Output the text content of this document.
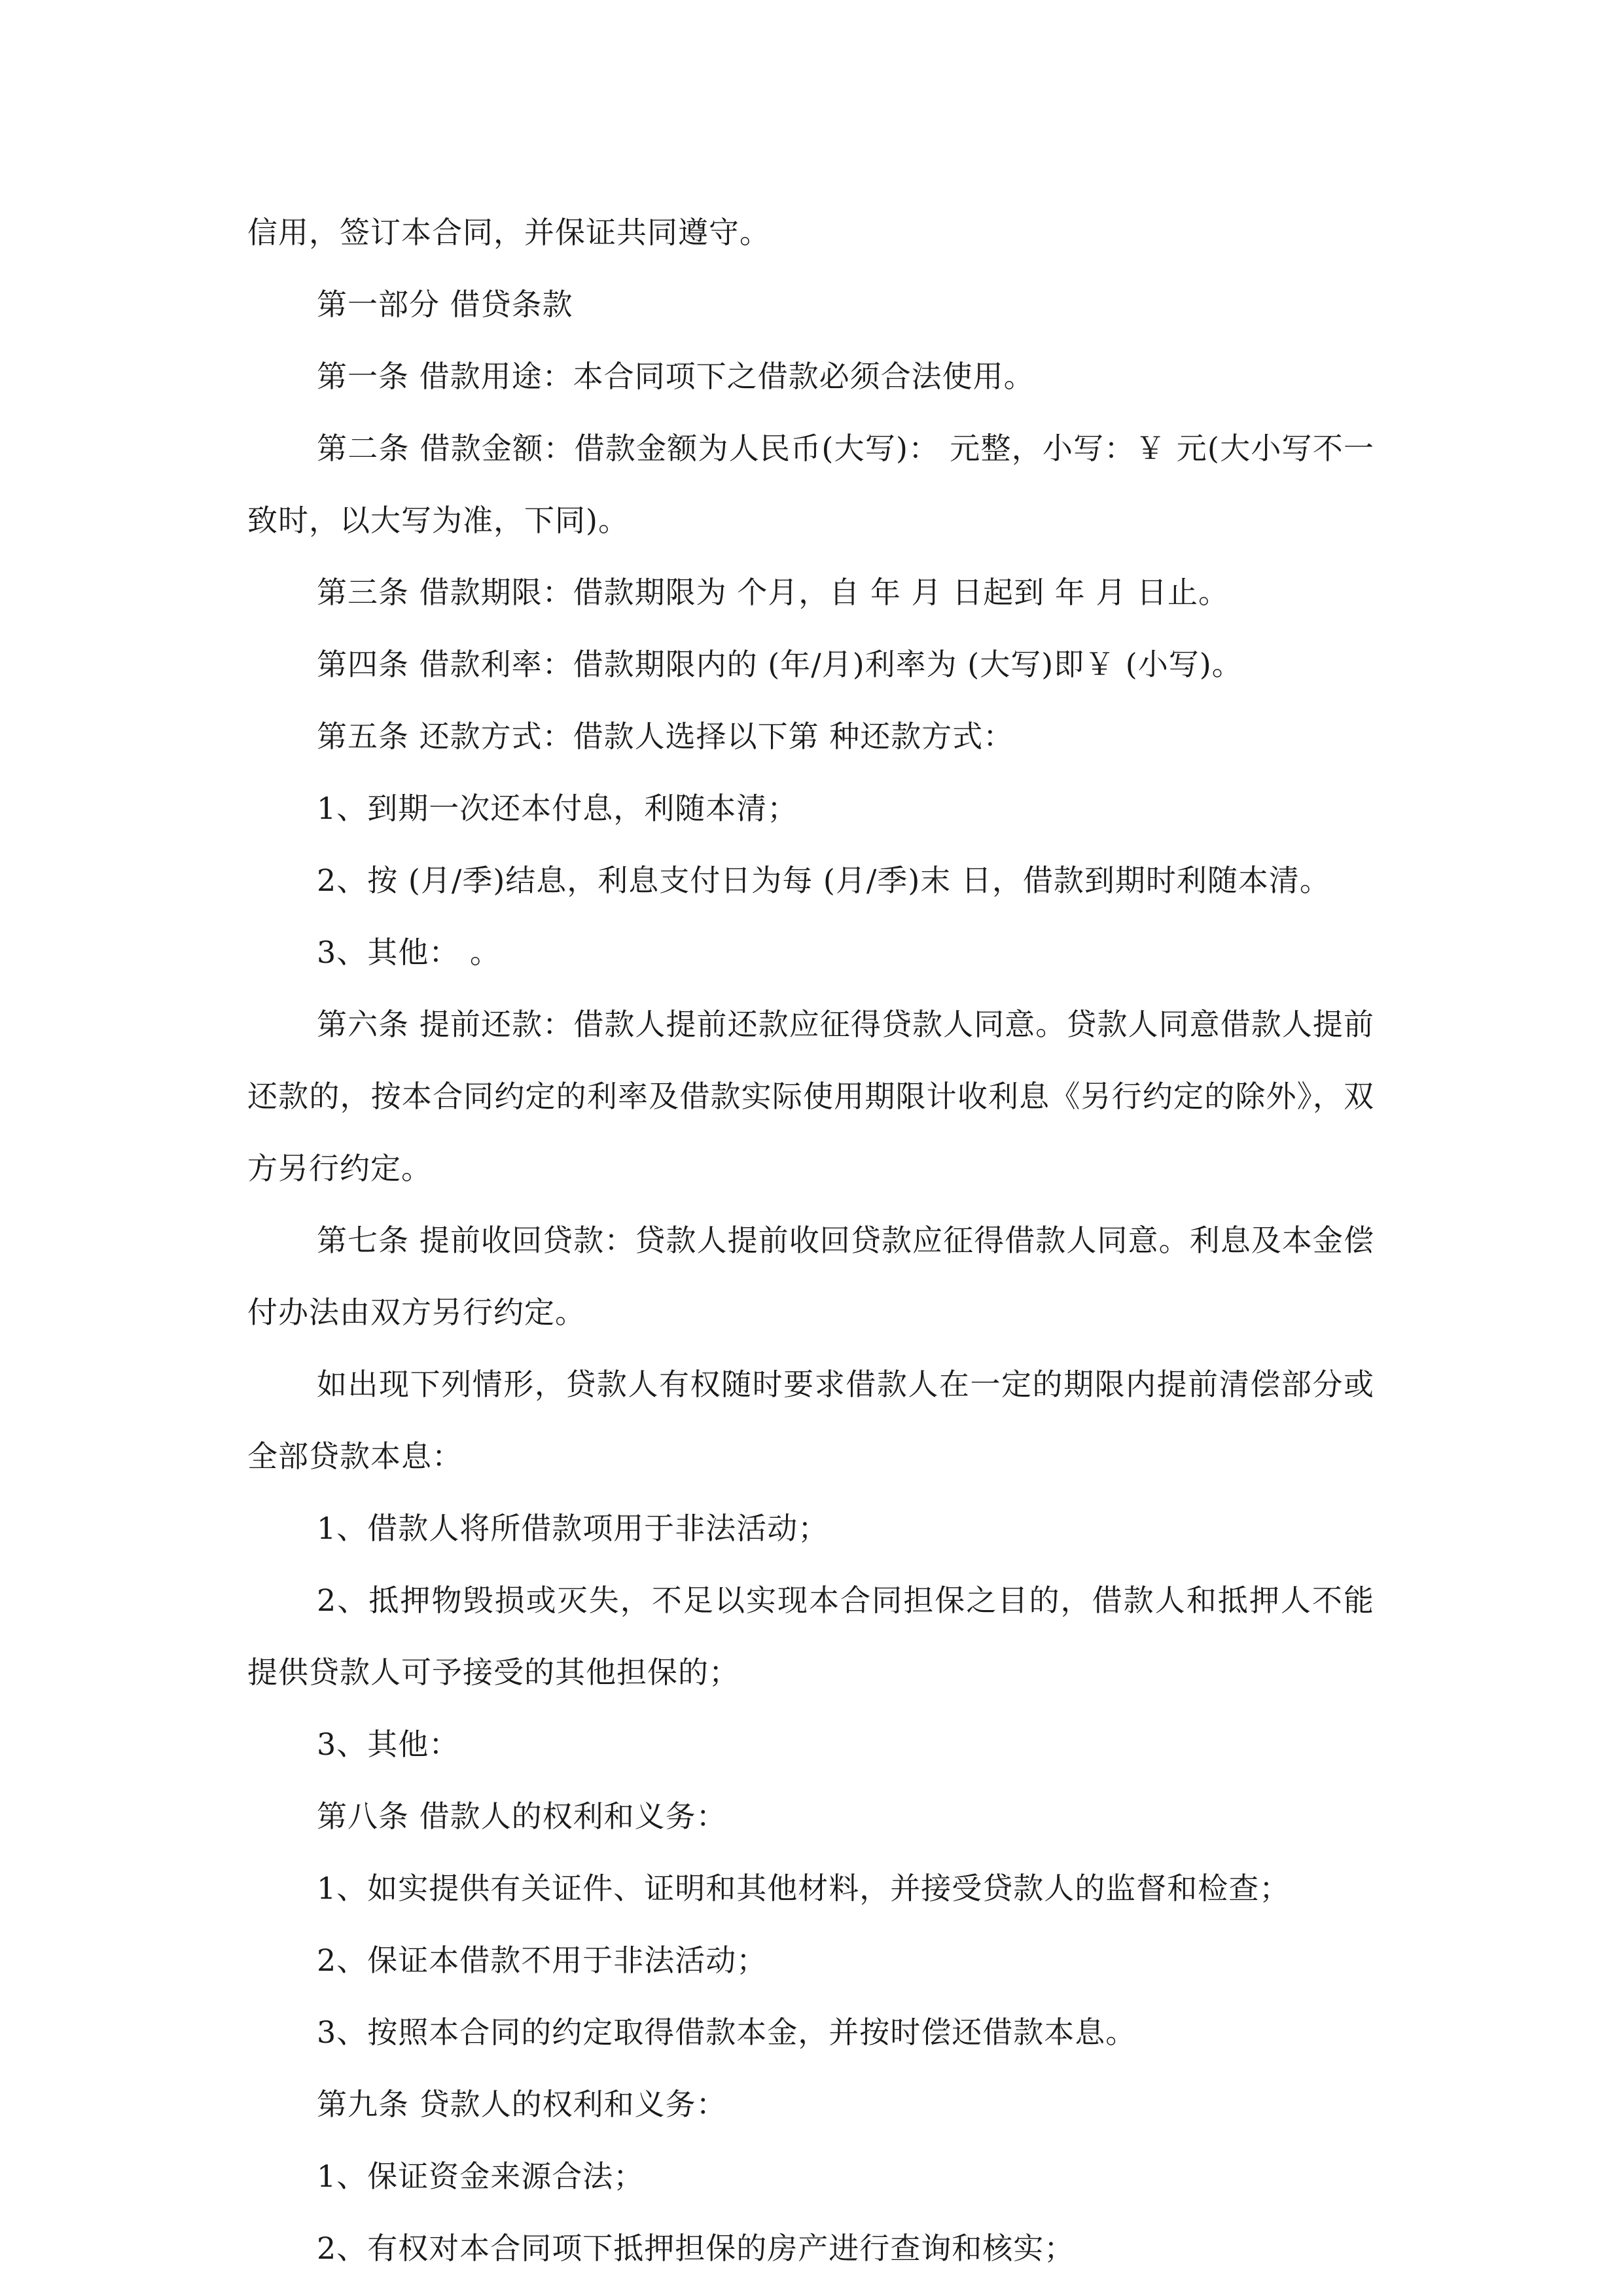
信用，签订本合同，并保证共同遵守。

第一部分 借贷条款

第一条 借款用途：本合同项下之借款必须合法使用。

第二条 借款金额：借款金额为人民币(大写)： 元整，小写：￥ 元(大小写不一致时，以大写为准，下同)。

第三条 借款期限：借款期限为 个月，自 年 月 日起到 年 月 日止。

第四条 借款利率：借款期限内的 (年/月)利率为 (大写)即￥ (小写)。

第五条 还款方式：借款人选择以下第 种还款方式：

1、到期一次还本付息，利随本清；

2、按 (月/季)结息，利息支付日为每 (月/季)末 日，借款到期时利随本清。

3、其他： 。

第六条 提前还款：借款人提前还款应征得贷款人同意。贷款人同意借款人提前还款的，按本合同约定的利率及借款实际使用期限计收利息《另行约定的除外》，双方另行约定。

第七条 提前收回贷款：贷款人提前收回贷款应征得借款人同意。利息及本金偿付办法由双方另行约定。

如出现下列情形，贷款人有权随时要求借款人在一定的期限内提前清偿部分或全部贷款本息：

1、借款人将所借款项用于非法活动；

2、抵押物毁损或灭失，不足以实现本合同担保之目的，借款人和抵押人不能提供贷款人可予接受的其他担保的；

3、其他：

第八条 借款人的权利和义务：

1、如实提供有关证件、证明和其他材料，并接受贷款人的监督和检查；

2、保证本借款不用于非法活动；

3、按照本合同的约定取得借款本金，并按时偿还借款本息。

第九条 贷款人的权利和义务：

1、保证资金来源合法；

2、有权对本合同项下抵押担保的房产进行查询和核实；
